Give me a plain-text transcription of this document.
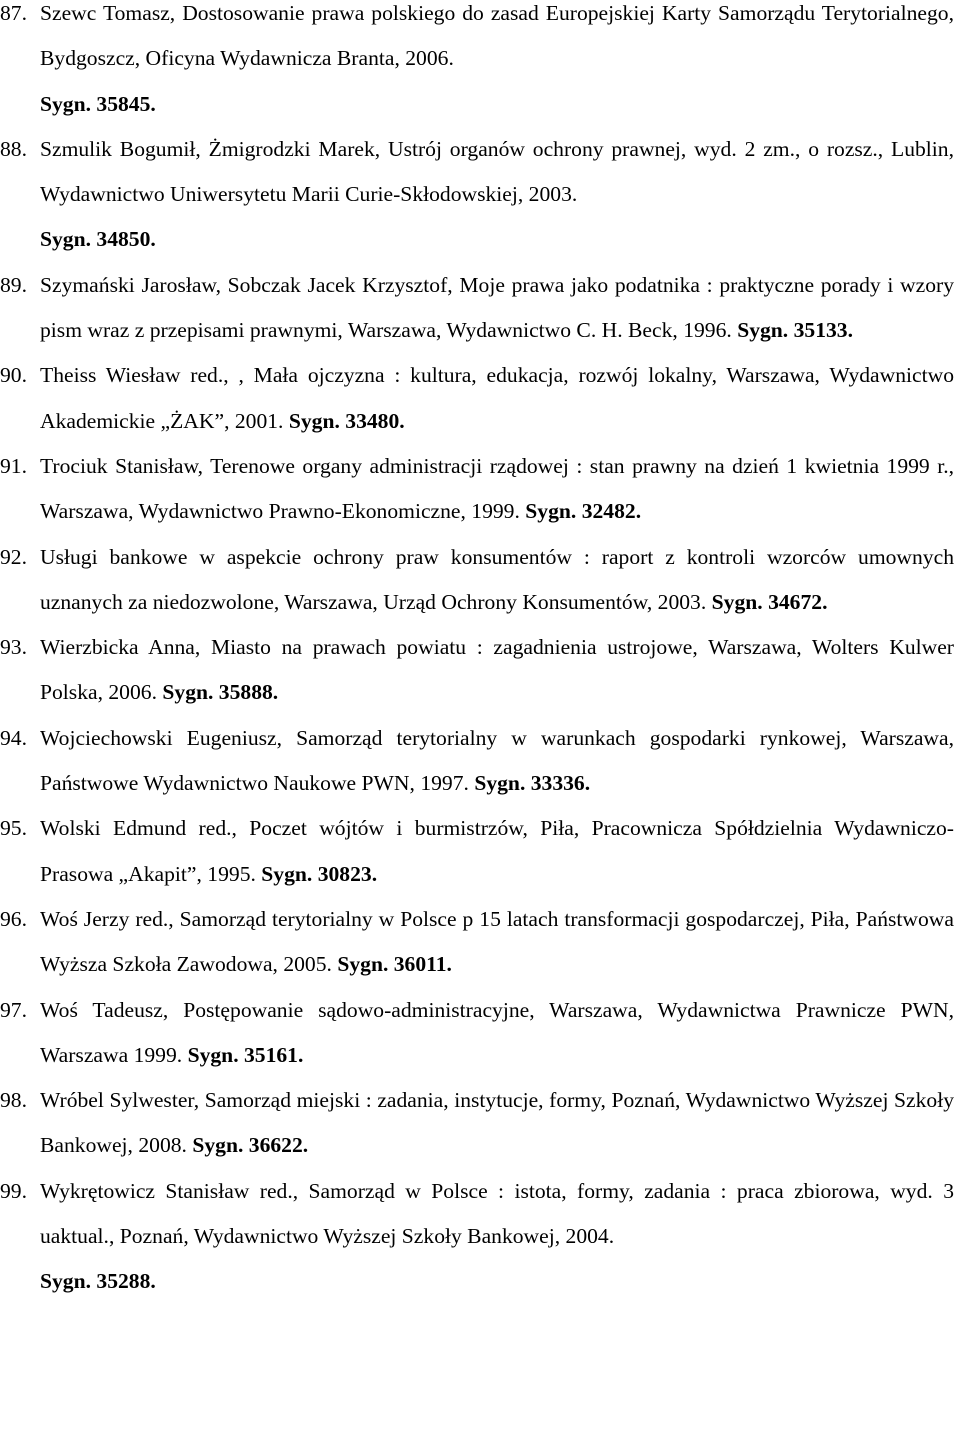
87. Szewc Tomasz, Dostosowanie prawa polskiego do zasad Europejskiej Karty Samorządu Terytorialnego, Bydgoszcz, Oficyna Wydawnicza Branta, 2006.
Sygn. 35845.
88. Szmulik Bogumił, Żmigrodzki Marek, Ustrój organów ochrony prawnej, wyd. 2 zm., o rozsz., Lublin, Wydawnictwo Uniwersytetu Marii Curie-Skłodowskiej, 2003.
Sygn. 34850.
89. Szymański Jarosław, Sobczak Jacek Krzysztof, Moje prawa jako podatnika : praktyczne porady i wzory pism wraz z przepisami prawnymi, Warszawa, Wydawnictwo C. H. Beck, 1996. Sygn. 35133.
90. Theiss Wiesław red., , Mała ojczyzna : kultura, edukacja, rozwój lokalny, Warszawa, Wydawnictwo Akademickie „ŻAK”, 2001. Sygn. 33480.
91. Trociuk Stanisław, Terenowe organy administracji rządowej : stan prawny na dzień 1 kwietnia 1999 r., Warszawa, Wydawnictwo Prawno-Ekonomiczne, 1999. Sygn. 32482.
92. Usługi bankowe w aspekcie ochrony praw konsumentów : raport z kontroli wzorców umownych uznanych za niedozwolone, Warszawa, Urząd Ochrony Konsumentów, 2003. Sygn. 34672.
93. Wierzbicka Anna, Miasto na prawach powiatu : zagadnienia ustrojowe, Warszawa, Wolters Kulwer Polska, 2006. Sygn. 35888.
94. Wojciechowski Eugeniusz, Samorząd terytorialny w warunkach gospodarki rynkowej, Warszawa, Państwowe Wydawnictwo Naukowe PWN, 1997. Sygn. 33336.
95. Wolski Edmund red., Poczet wójtów i burmistrzów, Piła, Pracownicza Spółdzielnia Wydawniczo-Prasowa „Akapit”, 1995. Sygn. 30823.
96. Woś Jerzy red., Samorząd terytorialny w Polsce p 15 latach transformacji gospodarczej, Piła, Państwowa Wyższa Szkoła Zawodowa, 2005. Sygn. 36011.
97. Woś Tadeusz, Postępowanie sądowo-administracyjne, Warszawa, Wydawnictwa Prawnicze PWN, Warszawa 1999. Sygn. 35161.
98. Wróbel Sylwester, Samorząd miejski : zadania, instytucje, formy, Poznań, Wydawnictwo Wyższej Szkoły Bankowej, 2008. Sygn. 36622.
99. Wykrętowicz Stanisław red., Samorząd w Polsce : istota, formy, zadania : praca zbiorowa, wyd. 3 uaktual., Poznań, Wydawnictwo Wyższej Szkoły Bankowej, 2004.
Sygn. 35288.
